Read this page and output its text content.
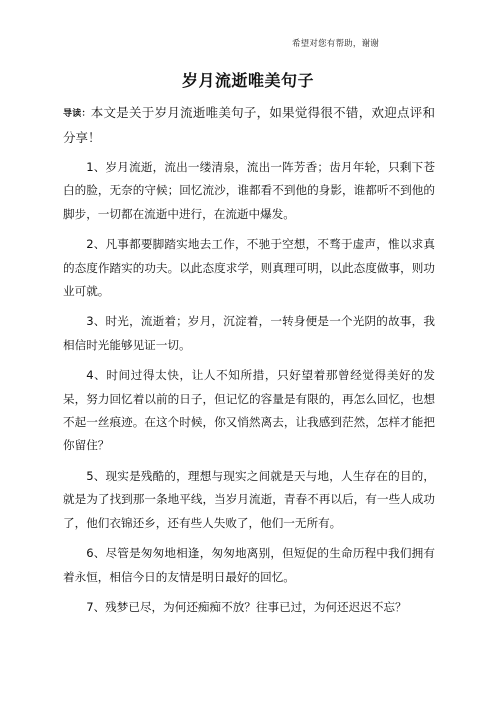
希望对您有帮助，谢谢
岁月流逝唯美句子

导读：本文是关于岁月流逝唯美句子，如果觉得很不错，欢迎点评和分享！

1、岁月流逝，流出一缕清泉，流出一阵芳香；齿月年轮，只剩下苍白的脸，无奈的守候；回忆流沙，谁都看不到他的身影，谁都听不到他的脚步，一切都在流逝中进行，在流逝中爆发。

2、凡事都要脚踏实地去工作，不驰于空想，不骛于虚声，惟以求真的态度作踏实的功夫。以此态度求学，则真理可明，以此态度做事，则功业可就。

3、时光，流逝着；岁月，沉淀着，一转身便是一个光阴的故事，我相信时光能够见证一切。

4、时间过得太快，让人不知所措，只好望着那曾经觉得美好的发呆，努力回忆着以前的日子，但记忆的容量是有限的，再怎么回忆，也想不起一丝痕迹。在这个时候，你又悄然离去，让我感到茫然，怎样才能把你留住？

5、现实是残酷的，理想与现实之间就是天与地，人生存在的目的，就是为了找到那一条地平线，当岁月流逝，青春不再以后，有一些人成功了，他们衣锦还乡，还有些人失败了，他们一无所有。

6、尽管是匆匆地相逢，匆匆地离别，但短促的生命历程中我们拥有着永恒，相信今日的友情是明日最好的回忆。

7、残梦已尽，为何还痴痴不放？往事已过，为何还迟迟不忘？
